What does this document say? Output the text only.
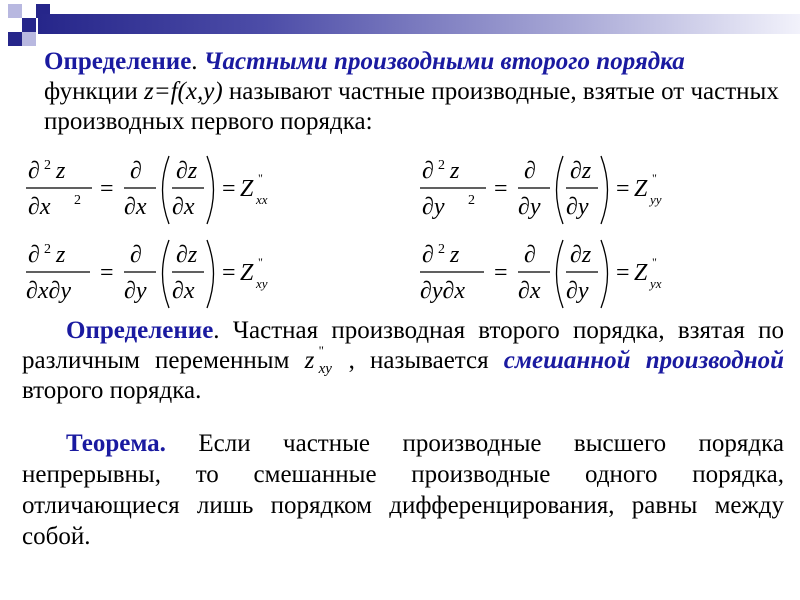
Определение. Частными производными второго порядка функции z=f(x,y) называют частные производные, взятые от частных производных первого порядка:
∂ 2 z
∂x 2 =
∂
∂x
∂z
∂x
= Z "
xx
∂ 2 z
∂y 2 =
∂
∂y
∂z
∂y
= Z "
yy
∂ 2 z
∂x∂y
=
∂
∂y
∂z
∂x
= Z "
xy
∂ 2 z
∂y∂x
=
∂
∂x
∂z
∂y
= Z "
yx
Определение. Частная производная второго порядка, взятая по различным переменным z "
xy , называется смешанной производной второго порядка.
Теорема. Если частные производные высшего порядка непрерывны, то смешанные производные одного порядка, отличающиеся лишь порядком дифференцирования, равны между собой.
